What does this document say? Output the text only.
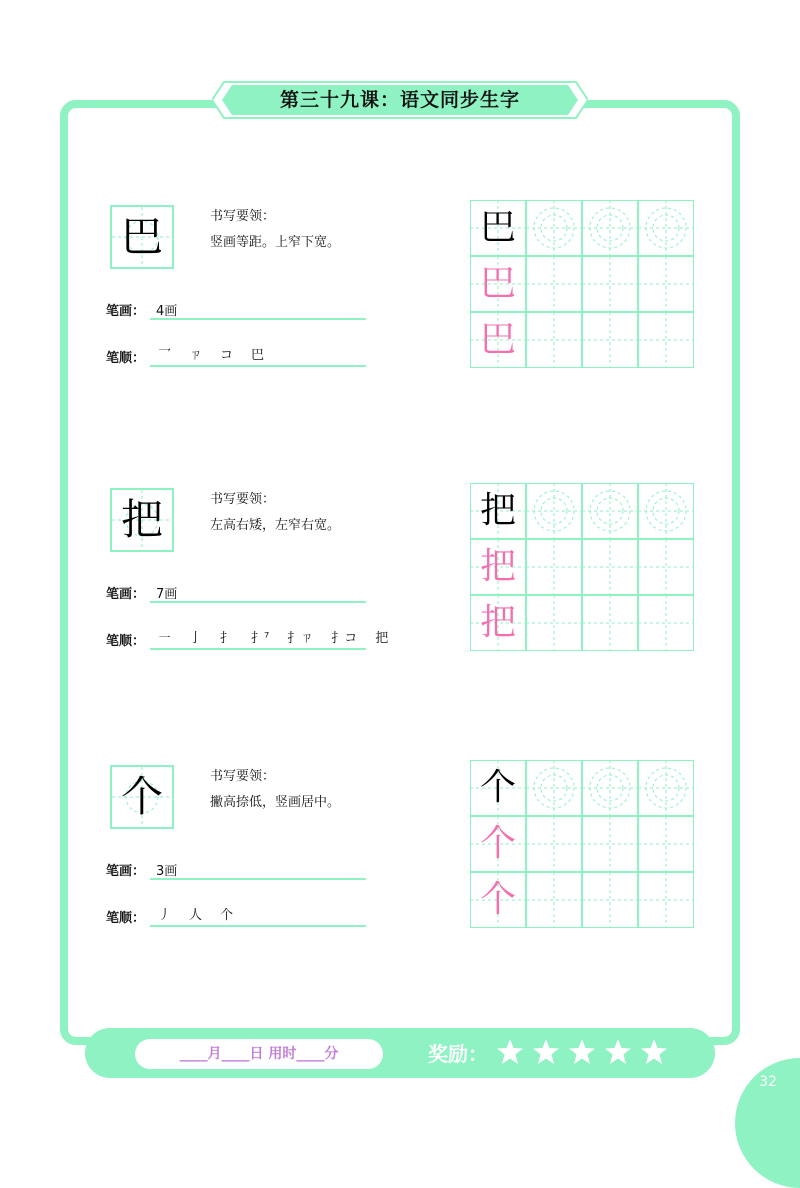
第三十九课：语文同步生字
巴	书写要领：
竖画等距。上窄下宽。
笔画： 4画
笔顺： 乛 ㄗ コ 巴
巴
巴
巴
把	书写要领：
左高右矮，左窄右宽。
笔画： 7画
笔顺： ㇐ 亅 扌 扌⁷ 扌ㄗ 扌コ 把
把
把
把
个	书写要领：
撇高捺低，竖画居中。
笔画： 3画
笔顺： 丿 人 个
个
个
个
____月____日 用时____分	奖励：
32
